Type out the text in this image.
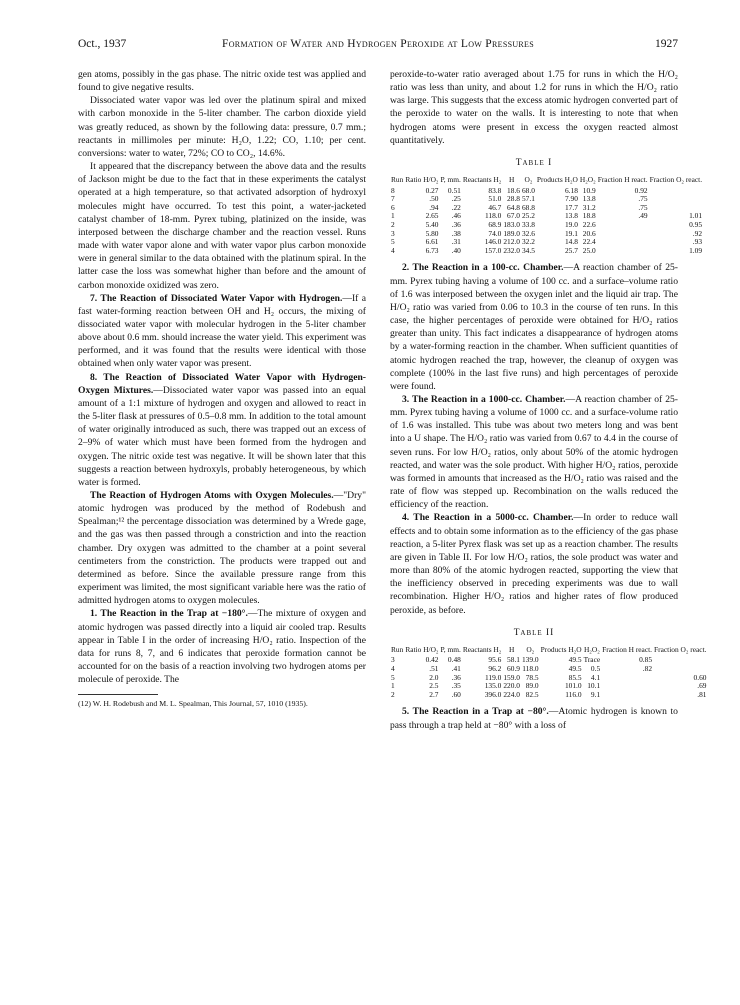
Oct., 1937	Formation of Water and Hydrogen Peroxide at Low Pressures	1927

gen atoms, possibly in the gas phase. The nitric oxide test was applied and found to give negative results.

Dissociated water vapor was led over the platinum spiral and mixed with carbon monoxide in the 5-liter chamber. The carbon dioxide yield was greatly reduced, as shown by the following data: pressure, 0.7 mm.; reactants in millimoles per minute: H₂O, 1.22; CO, 1.10; per cent. conversions: water to water, 72%; CO to CO₂, 14.6%.

It appeared that the discrepancy between the above data and the results of Jackson might be due to the fact that in these experiments the catalyst operated at a high temperature, so that activated adsorption of hydroxyl molecules might have occurred. To test this point, a water-jacketed catalyst chamber of 18-mm. Pyrex tubing, platinized on the inside, was interposed between the discharge chamber and the reaction vessel. Runs made with water vapor alone and with water vapor plus carbon monoxide were in general similar to the data obtained with the platinum spiral. In the latter case the loss was somewhat higher than before and the amount of carbon monoxide oxidized was zero.

7. The Reaction of Dissociated Water Vapor with Hydrogen.—If a fast water-forming reaction between OH and H₂ occurs, the mixing of dissociated water vapor with molecular hydrogen in the 5-liter chamber above about 0.6 mm. should increase the water yield. This experiment was performed, and it was found that the results were identical with those obtained when only water vapor was present.

8. The Reaction of Dissociated Water Vapor with Hydrogen-Oxygen Mixtures.—Dissociated water vapor was passed into an equal amount of a 1:1 mixture of hydrogen and oxygen and allowed to react in the 5-liter flask at pressures of 0.5–0.8 mm. In addition to the total amount of water originally introduced as such, there was trapped out an excess of 2–9% of water which must have been formed from the hydrogen and oxygen. The nitric oxide test was negative. It will be shown later that this suggests a reaction between hydroxyls, probably heterogeneous, by which water is formed.

The Reaction of Hydrogen Atoms with Oxygen Molecules.—"Dry" atomic hydrogen was produced by the method of Rodebush and Spealman;¹² the percentage dissociation was determined by a Wrede gage, and the gas was then passed through a constriction and into the reaction chamber. Dry oxygen was admitted to the chamber at a point several centimeters from the constriction. The products were trapped out and determined as before. Since the available pressure range from this experiment was limited, the most significant variable here was the ratio of admitted hydrogen atoms to oxygen molecules.

1. The Reaction in the Trap at −180°.—The mixture of oxygen and atomic hydrogen was passed directly into a liquid air cooled trap. Results appear in Table I in the order of increasing H/O₂ ratio. Inspection of the data for runs 8, 7, and 6 indicates that peroxide formation cannot be accounted for on the basis of a reaction involving two hydrogen atoms per molecule of peroxide. The

(12) W. H. Rodebush and M. L. Spealman, This Journal, 57, 1010 (1935).

peroxide-to-water ratio averaged about 1.75 for runs in which the H/O₂ ratio was less than unity, and about 1.2 for runs in which the H/O₂ ratio was large. This suggests that the excess atomic hydrogen converted part of the peroxide to water on the walls. It is interesting to note that when hydrogen atoms were present in excess the oxygen reacted almost quantitatively.

Table I
Run	Ratio H/O₂	P, mm.	Reactants H₂	H	O₂	Products H₂O	H₂O₂	Fraction H react.	Fraction O₂ react.
8	0.27	0.51	83.8	18.6	68.0	6.18	10.9	0.92	
7	.50	.25	51.0	28.8	57.1	7.90	13.8	.75	
6	.94	.22	46.7	64.8	68.8	17.7	31.2	.75	
1	2.65	.46	118.0	67.0	25.2	13.8	18.8	.49	1.01
2	5.40	.36	68.9	183.0	33.8	19.0	22.6		0.95
3	5.80	.38	74.0	189.0	32.6	19.1	20.6		.92
5	6.61	.31	146.0	212.0	32.2	14.8	22.4		.93
4	6.73	.40	157.0	232.0	34.5	25.7	25.0		1.09

2. The Reaction in a 100-cc. Chamber.—A reaction chamber of 25-mm. Pyrex tubing having a volume of 100 cc. and a surface–volume ratio of 1.6 was interposed between the oxygen inlet and the liquid air trap. The H/O₂ ratio was varied from 0.06 to 10.3 in the course of ten runs. In this case, the higher percentages of peroxide were obtained for H/O₂ ratios greater than unity. This fact indicates a disappearance of hydrogen atoms by a water-forming reaction in the chamber. When sufficient quantities of atomic hydrogen reached the trap, however, the cleanup of oxygen was complete (100% in the last five runs) and high percentages of peroxide were found.

3. The Reaction in a 1000-cc. Chamber.—A reaction chamber of 25-mm. Pyrex tubing having a volume of 1000 cc. and a surface-volume ratio of 1.6 was installed. This tube was about two meters long and was bent into a U shape. The H/O₂ ratio was varied from 0.67 to 4.4 in the course of seven runs. For low H/O₂ ratios, only about 50% of the atomic hydrogen reacted, and water was the sole product. With higher H/O₂ ratios, peroxide was formed in amounts that increased as the H/O₂ ratio was raised and the rate of flow was stepped up. Recombination on the walls reduced the efficiency of the reaction.

4. The Reaction in a 5000-cc. Chamber.—In order to reduce wall effects and to obtain some information as to the efficiency of the gas phase reaction, a 5-liter Pyrex flask was set up as a reaction chamber. The results are given in Table II. For low H/O₂ ratios, the sole product was water and more than 80% of the atomic hydrogen reacted, supporting the view that the inefficiency observed in preceding experiments was due to wall recombination. Higher H/O₂ ratios and higher rates of flow produced peroxide, as before.

Table II
Run	Ratio H/O₂	P, mm.	Reactants H₂	H	O₂	Products H₂O	H₂O₂	Fraction H react.	Fraction O₂ react.
3	0.42	0.48	95.6	58.1	139.0	49.5	Trace	0.85	
4	.51	.41	96.2	60.9	118.0	49.5	0.5	.82	
5	2.0	.36	119.0	159.0	78.5	85.5	4.1		0.60
1	2.5	.35	135.0	220.0	89.0	101.0	10.1		.69
2	2.7	.60	396.0	224.0	82.5	116.0	9.1		.81

5. The Reaction in a Trap at −80°.—Atomic hydrogen is known to pass through a trap held at −80° with a loss of
